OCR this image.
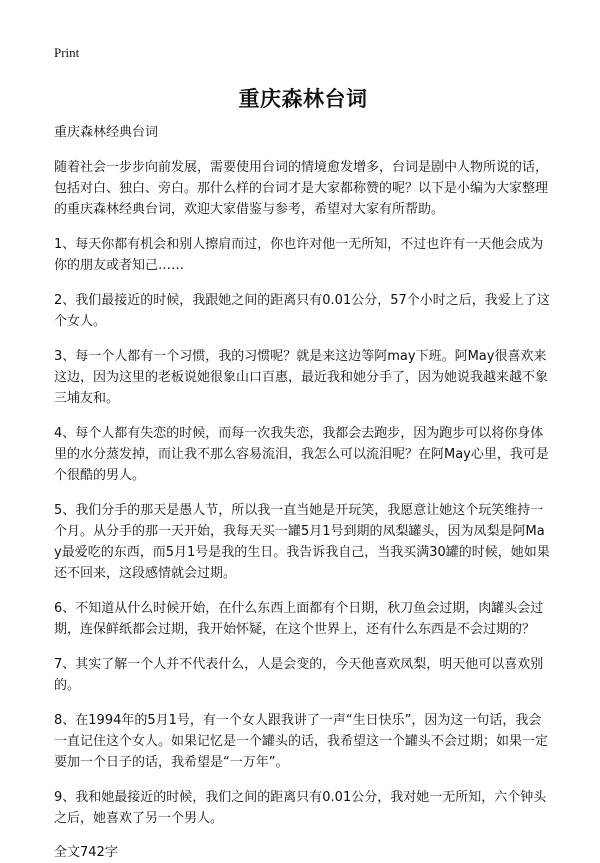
Print
重庆森林台词
重庆森林经典台词

随着社会一步步向前发展，需要使用台词的情境愈发增多，台词是剧中人物所说的话，包括对白、独白、旁白。那什么样的台词才是大家都称赞的呢？以下是小编为大家整理的重庆森林经典台词，欢迎大家借鉴与参考，希望对大家有所帮助。

1、每天你都有机会和别人擦肩而过，你也许对他一无所知，不过也许有一天他会成为你的朋友或者知己……

2、我们最接近的时候，我跟她之间的距离只有0.01公分，57个小时之后，我爱上了这个女人。

3、每一个人都有一个习惯，我的习惯呢？就是来这边等阿may下班。阿May很喜欢来这边，因为这里的老板说她很象山口百惠，最近我和她分手了，因为她说我越来越不象三埔友和。

4、每个人都有失恋的时候，而每一次我失恋，我都会去跑步，因为跑步可以将你身体里的水分蒸发掉，而让我不那么容易流泪，我怎么可以流泪呢？在阿May心里，我可是个很酷的男人。

5、我们分手的那天是愚人节，所以我一直当她是开玩笑，我愿意让她这个玩笑维持一个月。从分手的那一天开始，我每天买一罐5月1号到期的凤梨罐头，因为凤梨是阿May最爱吃的东西，而5月1号是我的生日。我告诉我自己，当我买满30罐的时候，她如果还不回来，这段感情就会过期。

6、不知道从什么时候开始，在什么东西上面都有个日期，秋刀鱼会过期，肉罐头会过期，连保鲜纸都会过期，我开始怀疑，在这个世界上，还有什么东西是不会过期的？

7、其实了解一个人并不代表什么，人是会变的，今天他喜欢凤梨，明天他可以喜欢别的。

8、在1994年的5月1号，有一个女人跟我讲了一声“生日快乐”，因为这一句话，我会一直记住这个女人。如果记忆是一个罐头的话，我希望这一个罐头不会过期；如果一定要加一个日子的话，我希望是“一万年”。

9、我和她最接近的时候，我们之间的距离只有0.01公分，我对她一无所知，六个钟头之后，她喜欢了另一个男人。

全文742字
